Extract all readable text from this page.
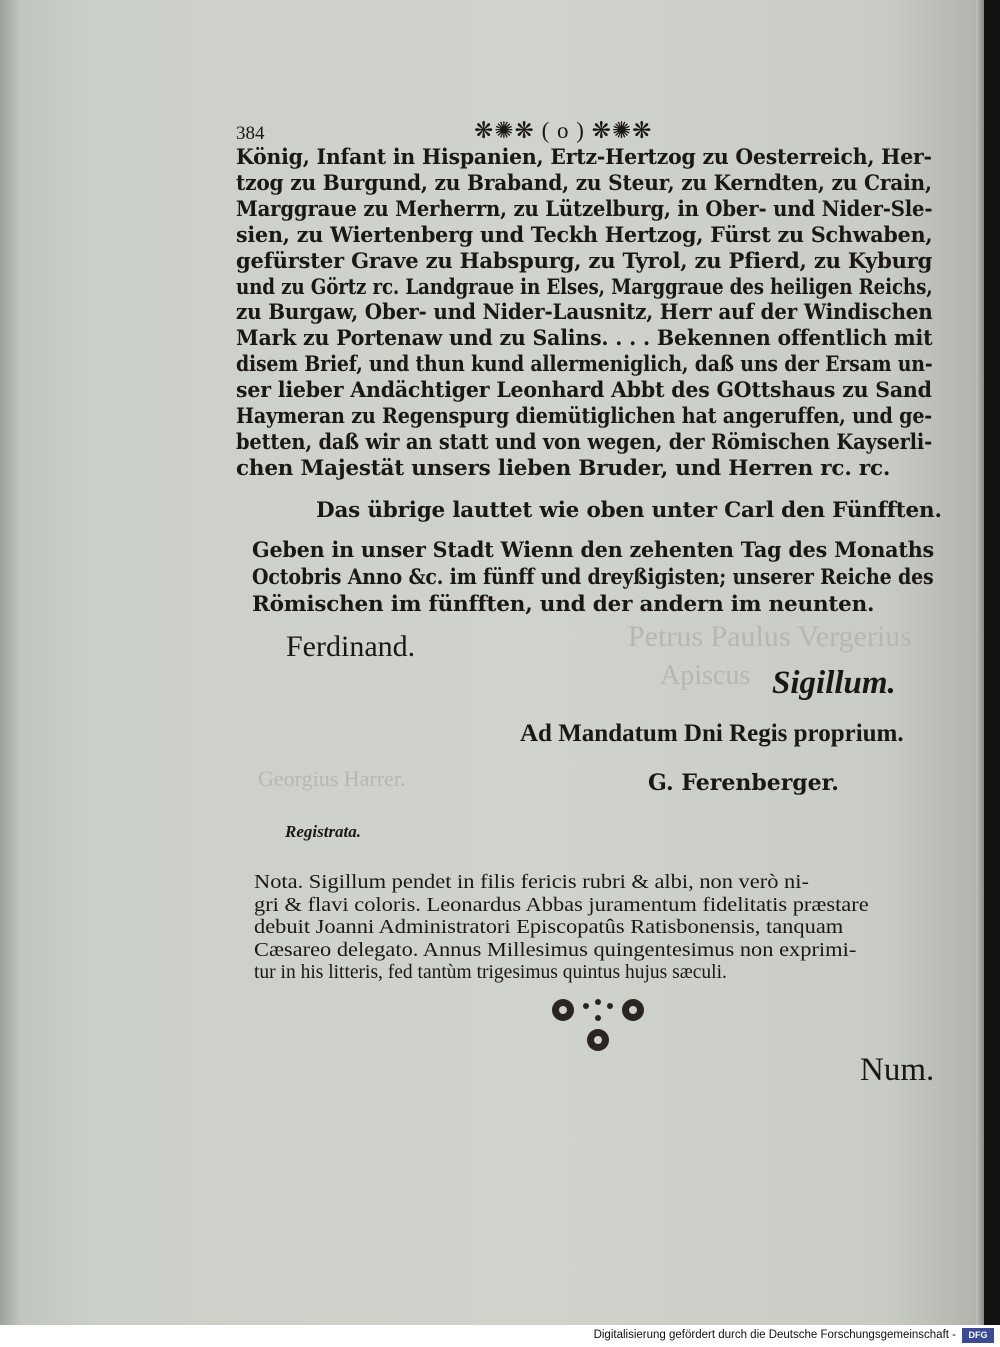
Petrus Paulus Vergerius
Apiscus
Georgius Harrer.
384	❋✺❋ ( o ) ❋✺❋
Das übrige lauttet wie oben unter Carl den Fünfften.
Ferdinand.
Sigillum.
Ad Mandatum Dni Regis proprium.
G. Ferenberger.
Registrata.
Num.
König, Infant in Hispanien, Ertz-Hertzog zu Oesterreich, Her-
tzog zu Burgund, zu Braband, zu Steur, zu Kerndten, zu Crain,
Marggraue zu Merherrn, zu Lützelburg, in Ober- und Nider-Sle-
sien, zu Wiertenberg und Teckh Hertzog, Fürst zu Schwaben,
gefürster Grave zu Habspurg, zu Tyrol, zu Pfierd, zu Kyburg
und zu Görtz rc. Landgraue in Elses, Marggraue des heiligen Reichs,
zu Burgaw, Ober- und Nider-Lausnitz, Herr auf der Windischen
Mark zu Portenaw und zu Salins. . . . Bekennen offentlich mit
disem Brief, und thun kund allermeniglich, daß uns der Ersam un-
ser lieber Andächtiger Leonhard Abbt des GOttshaus zu Sand
Haymeran zu Regenspurg diemütiglichen hat angeruffen, und ge-
betten, daß wir an statt und von wegen, der Römischen Kayserli-
chen Majestät unsers lieben Bruder, und Herren rc. rc.
Geben in unser Stadt Wienn den zehenten Tag des Monaths
Octobris Anno &c. im fünff und dreyßigisten; unserer Reiche des
Römischen im fünfften, und der andern im neunten.
Nota. Sigillum pendet in filis fericis rubri & albi, non verò ni-
gri & flavi coloris. Leonardus Abbas juramentum fidelitatis præstare
debuit Joanni Administratori Episcopatûs Ratisbonensis, tanquam
Cæsareo delegato. Annus Millesimus quingentesimus non exprimi-
tur in his litteris, fed tantùm trigesimus quintus hujus sæculi.
Digitalisierung gefördert durch die Deutsche Forschungsgemeinschaft -	DFG
